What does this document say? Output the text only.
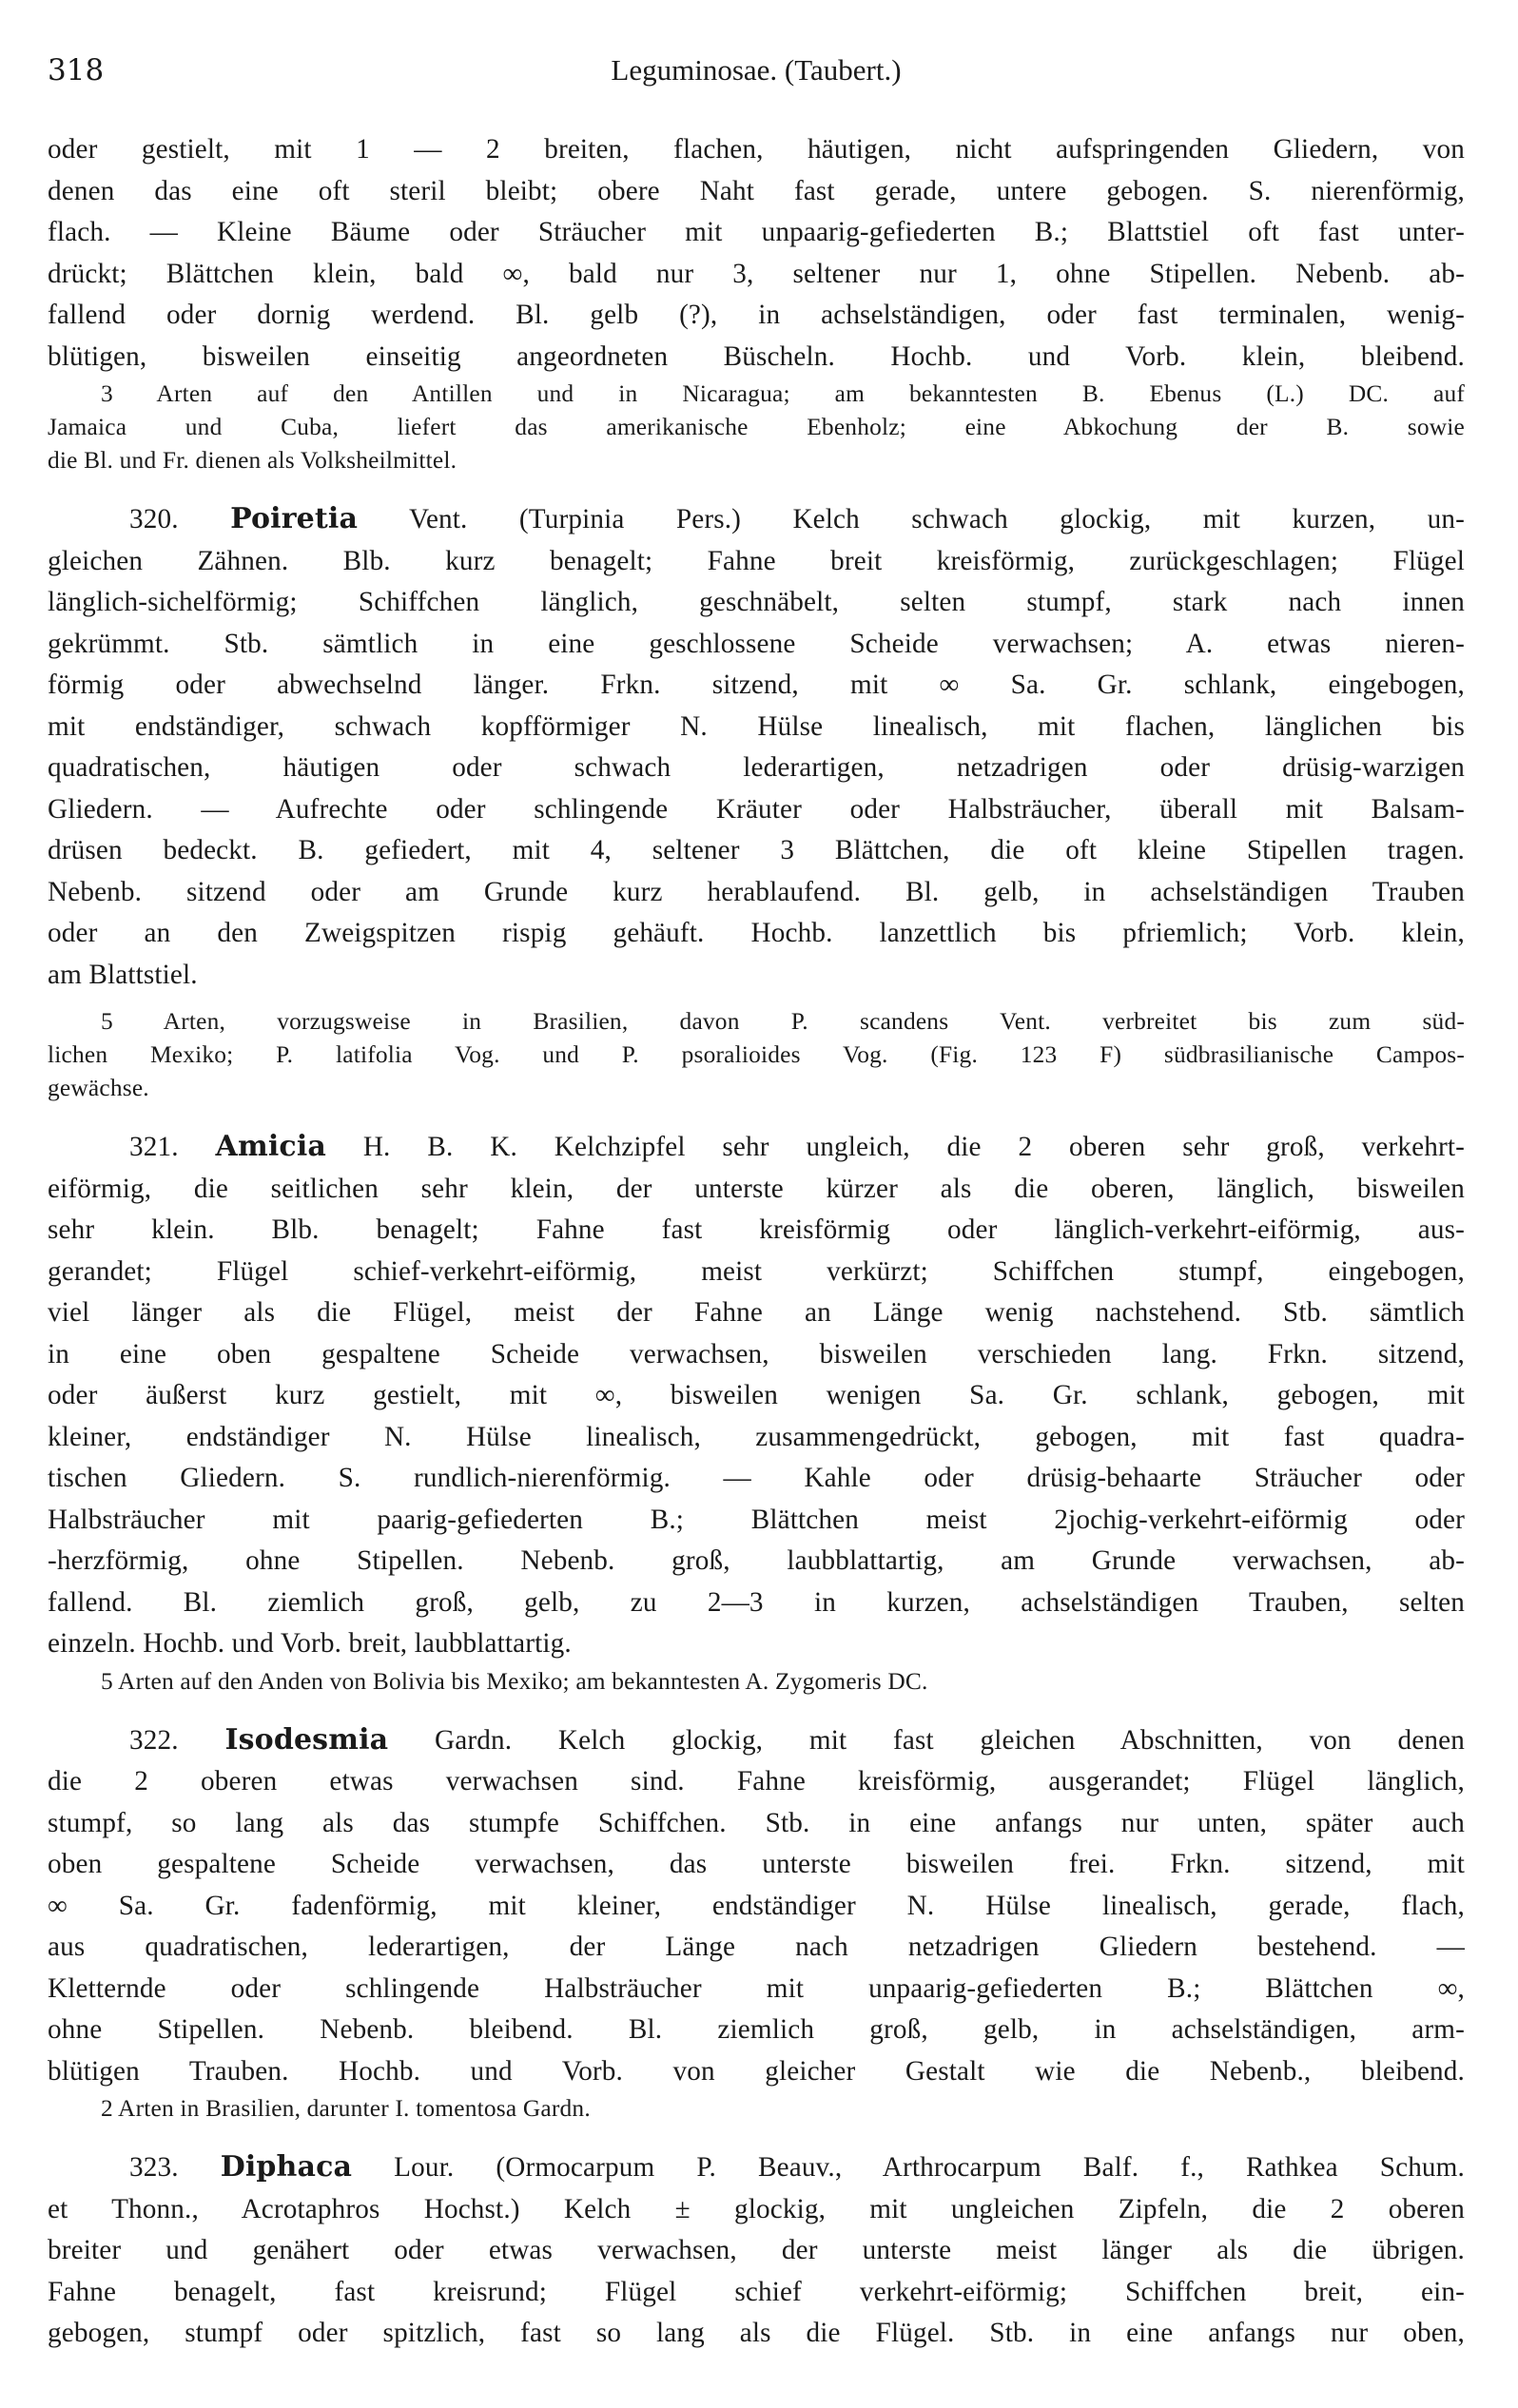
318	Leguminosae. (Taubert.)
oder gestielt, mit 1 — 2 breiten, flachen, häutigen, nicht aufspringenden Gliedern, von
denen das eine oft steril bleibt; obere Naht fast gerade, untere gebogen. S. nierenförmig,
flach. — Kleine Bäume oder Sträucher mit unpaarig-gefiederten B.; Blattstiel oft fast unter-
drückt; Blättchen klein, bald ∞, bald nur 3, seltener nur 1, ohne Stipellen. Nebenb. ab-
fallend oder dornig werdend. Bl. gelb (?), in achselständigen, oder fast terminalen, wenig-
blütigen, bisweilen einseitig angeordneten Büscheln. Hochb. und Vorb. klein, bleibend.
3 Arten auf den Antillen und in Nicaragua; am bekanntesten B. Ebenus (L.) DC. auf
Jamaica und Cuba, liefert das amerikanische Ebenholz; eine Abkochung der B. sowie
die Bl. und Fr. dienen als Volksheilmittel.
320. Poiretia Vent. (Turpinia Pers.) Kelch schwach glockig, mit kurzen, un-
gleichen Zähnen. Blb. kurz benagelt; Fahne breit kreisförmig, zurückgeschlagen; Flügel
länglich-sichelförmig; Schiffchen länglich, geschnäbelt, selten stumpf, stark nach innen
gekrümmt. Stb. sämtlich in eine geschlossene Scheide verwachsen; A. etwas nieren-
förmig oder abwechselnd länger. Frkn. sitzend, mit ∞ Sa. Gr. schlank, eingebogen,
mit endständiger, schwach kopfförmiger N. Hülse linealisch, mit flachen, länglichen bis
quadratischen, häutigen oder schwach lederartigen, netzadrigen oder drüsig-warzigen
Gliedern. — Aufrechte oder schlingende Kräuter oder Halbsträucher, überall mit Balsam-
drüsen bedeckt. B. gefiedert, mit 4, seltener 3 Blättchen, die oft kleine Stipellen tragen.
Nebenb. sitzend oder am Grunde kurz herablaufend. Bl. gelb, in achselständigen Trauben
oder an den Zweigspitzen rispig gehäuft. Hochb. lanzettlich bis pfriemlich; Vorb. klein,
am Blattstiel.
5 Arten, vorzugsweise in Brasilien, davon P. scandens Vent. verbreitet bis zum süd-
lichen Mexiko; P. latifolia Vog. und P. psoralioides Vog. (Fig. 123 F) südbrasilianische Campos-
gewächse.
321. Amicia H. B. K. Kelchzipfel sehr ungleich, die 2 oberen sehr groß, verkehrt-
eiförmig, die seitlichen sehr klein, der unterste kürzer als die oberen, länglich, bisweilen
sehr klein. Blb. benagelt; Fahne fast kreisförmig oder länglich-verkehrt-eiförmig, aus-
gerandet; Flügel schief-verkehrt-eiförmig, meist verkürzt; Schiffchen stumpf, eingebogen,
viel länger als die Flügel, meist der Fahne an Länge wenig nachstehend. Stb. sämtlich
in eine oben gespaltene Scheide verwachsen, bisweilen verschieden lang. Frkn. sitzend,
oder äußerst kurz gestielt, mit ∞, bisweilen wenigen Sa. Gr. schlank, gebogen, mit
kleiner, endständiger N. Hülse linealisch, zusammengedrückt, gebogen, mit fast quadra-
tischen Gliedern. S. rundlich-nierenförmig. — Kahle oder drüsig-behaarte Sträucher oder
Halbsträucher mit paarig-gefiederten B.; Blättchen meist 2jochig-verkehrt-eiförmig oder
-herzförmig, ohne Stipellen. Nebenb. groß, laubblattartig, am Grunde verwachsen, ab-
fallend. Bl. ziemlich groß, gelb, zu 2—3 in kurzen, achselständigen Trauben, selten
einzeln. Hochb. und Vorb. breit, laubblattartig.
5 Arten auf den Anden von Bolivia bis Mexiko; am bekanntesten A. Zygomeris DC.
322. Isodesmia Gardn. Kelch glockig, mit fast gleichen Abschnitten, von denen
die 2 oberen etwas verwachsen sind. Fahne kreisförmig, ausgerandet; Flügel länglich,
stumpf, so lang als das stumpfe Schiffchen. Stb. in eine anfangs nur unten, später auch
oben gespaltene Scheide verwachsen, das unterste bisweilen frei. Frkn. sitzend, mit
∞ Sa. Gr. fadenförmig, mit kleiner, endständiger N. Hülse linealisch, gerade, flach,
aus quadratischen, lederartigen, der Länge nach netzadrigen Gliedern bestehend. —
Kletternde oder schlingende Halbsträucher mit unpaarig-gefiederten B.; Blättchen ∞,
ohne Stipellen. Nebenb. bleibend. Bl. ziemlich groß, gelb, in achselständigen, arm-
blütigen Trauben. Hochb. und Vorb. von gleicher Gestalt wie die Nebenb., bleibend.
2 Arten in Brasilien, darunter I. tomentosa Gardn.
323. Diphaca Lour. (Ormocarpum P. Beauv., Arthrocarpum Balf. f., Rathkea Schum.
et Thonn., Acrotaphros Hochst.) Kelch ± glockig, mit ungleichen Zipfeln, die 2 oberen
breiter und genähert oder etwas verwachsen, der unterste meist länger als die übrigen.
Fahne benagelt, fast kreisrund; Flügel schief verkehrt-eiförmig; Schiffchen breit, ein-
gebogen, stumpf oder spitzlich, fast so lang als die Flügel. Stb. in eine anfangs nur oben,
